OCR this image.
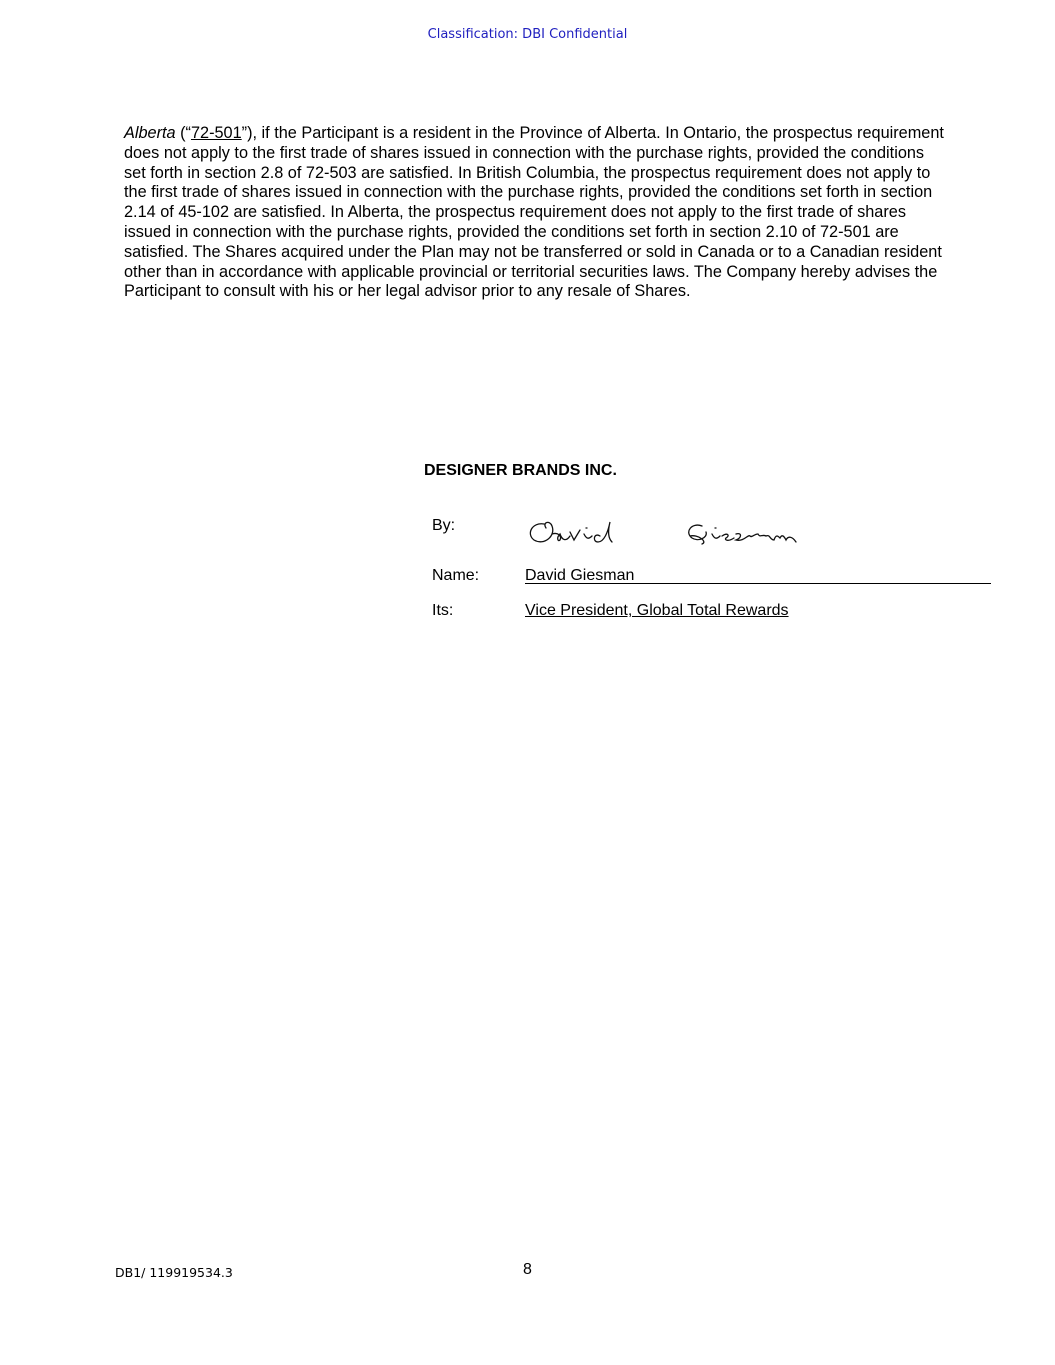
Classification: DBI Confidential

Alberta (“72-501”), if the Participant is a resident in the Province of Alberta. In Ontario, the prospectus requirement does not apply to the first trade of shares issued in connection with the purchase rights, provided the conditions set forth in section 2.8 of 72-503 are satisfied. In British Columbia, the prospectus requirement does not apply to the first trade of shares issued in connection with the purchase rights, provided the conditions set forth in section 2.14 of 45-102 are satisfied. In Alberta, the prospectus requirement does not apply to the first trade of shares issued in connection with the purchase rights, provided the conditions set forth in section 2.10 of 72-501 are satisfied. The Shares acquired under the Plan may not be transferred or sold in Canada or to a Canadian resident other than in accordance with applicable provincial or territorial securities laws. The Company hereby advises the Participant to consult with his or her legal advisor prior to any resale of Shares.

DESIGNER BRANDS INC.
By:
Name:	David Giesman
Its:	Vice President, Global Total Rewards
DB1/ 119919534.3	8
